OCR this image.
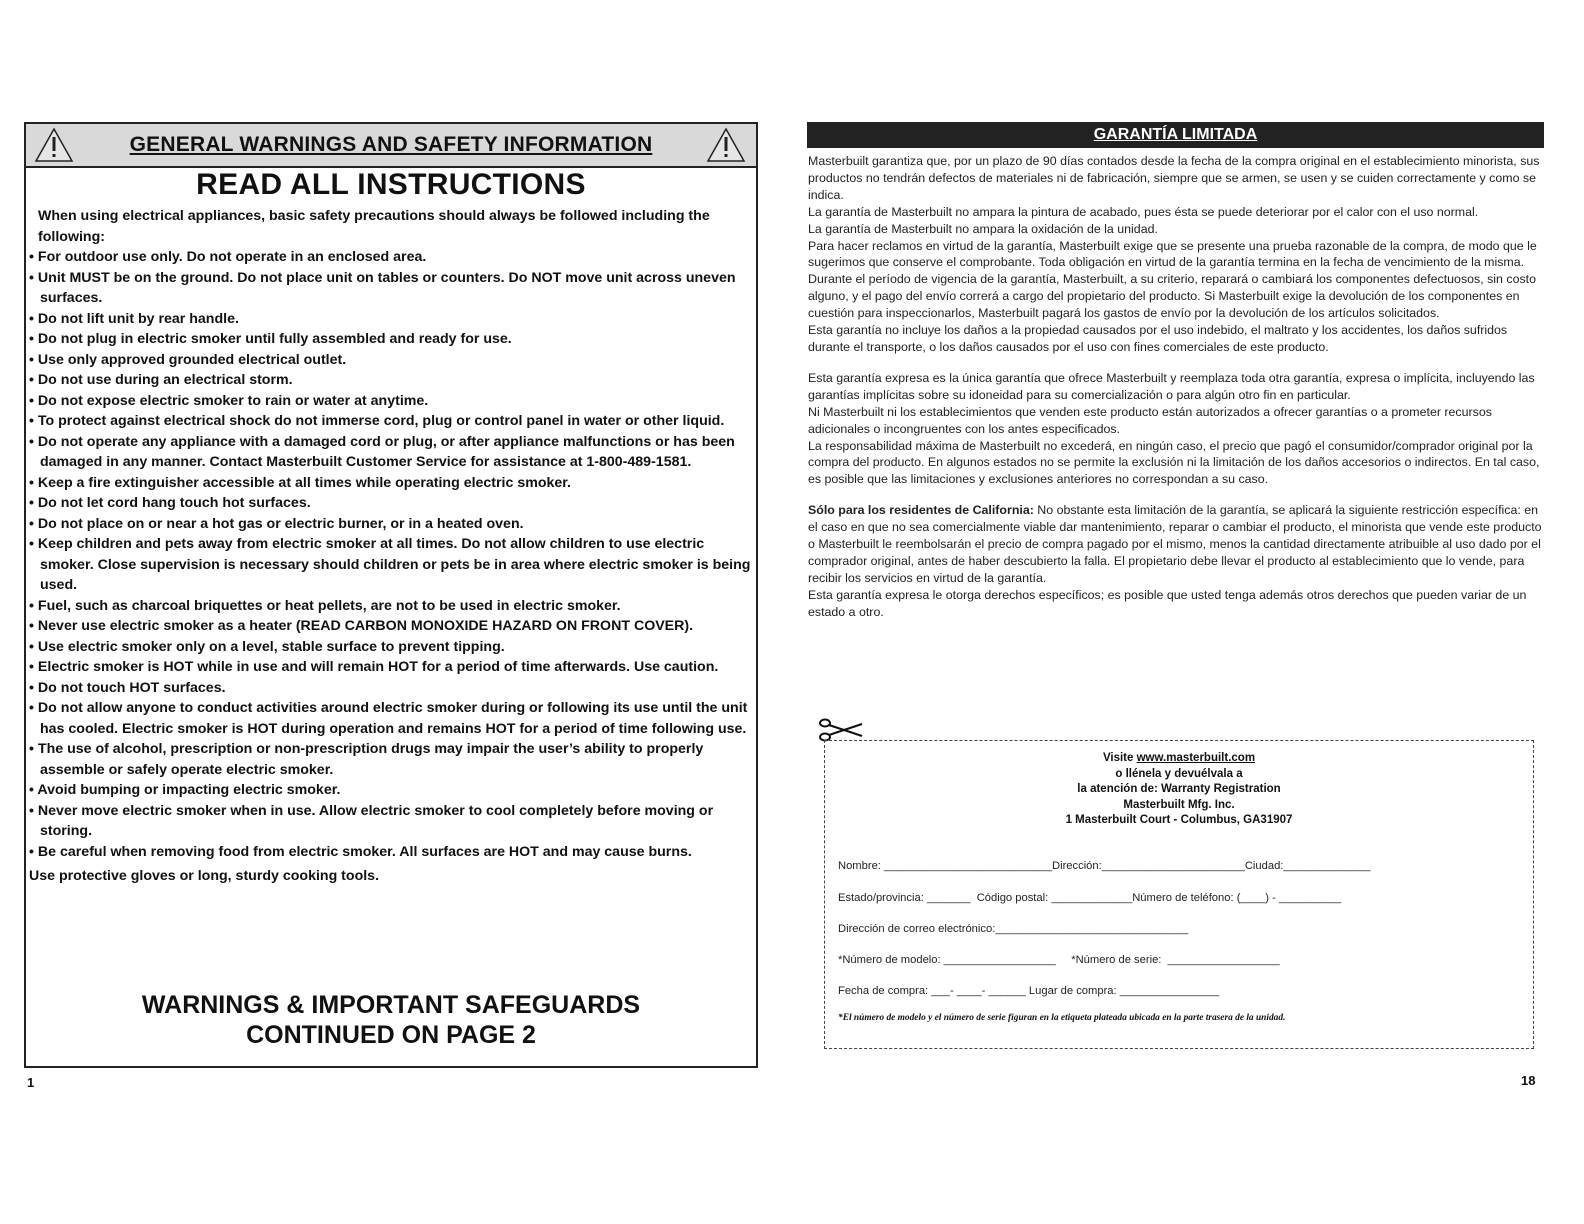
GENERAL WARNINGS AND SAFETY INFORMATION
READ ALL INSTRUCTIONS
When using electrical appliances, basic safety precautions should always be followed including the following:
• For outdoor use only. Do not operate in an enclosed area.
• Unit MUST be on the ground. Do not place unit on tables or counters. Do NOT move unit across uneven surfaces.
• Do not lift unit by rear handle.
• Do not plug in electric smoker until fully assembled and ready for use.
• Use only approved grounded electrical outlet.
• Do not use during an electrical storm.
• Do not expose electric smoker to rain or water at anytime.
• To protect against electrical shock do not immerse cord, plug or control panel in water or other liquid.
• Do not operate any appliance with a damaged cord or plug, or after appliance malfunctions or has been damaged in any manner. Contact Masterbuilt Customer Service for assistance at 1-800-489-1581.
• Keep a fire extinguisher accessible at all times while operating electric smoker.
• Do not let cord hang touch hot surfaces.
• Do not place on or near a hot gas or electric burner, or in a heated oven.
• Keep children and pets away from electric smoker at all times. Do not allow children to use electric smoker. Close supervision is necessary should children or pets be in area where electric smoker is being used.
• Fuel, such as charcoal briquettes or heat pellets, are not to be used in electric smoker.
• Never use electric smoker as a heater (READ CARBON MONOXIDE HAZARD ON FRONT COVER).
• Use electric smoker only on a level, stable surface to prevent tipping.
• Electric smoker is HOT while in use and will remain HOT for a period of time afterwards. Use caution.
• Do not touch HOT surfaces.
• Do not allow anyone to conduct activities around electric smoker during or following its use until the unit has cooled. Electric smoker is HOT during operation and remains HOT for a period of time following use.
• The use of alcohol, prescription or non-prescription drugs may impair the user’s ability to properly assemble or safely operate electric smoker.
• Avoid bumping or impacting electric smoker.
• Never move electric smoker when in use. Allow electric smoker to cool completely before moving or storing.
• Be careful when removing food from electric smoker. All surfaces are HOT and may cause burns.
Use protective gloves or long, sturdy cooking tools.
WARNINGS & IMPORTANT SAFEGUARDS
CONTINUED ON PAGE 2
1
GARANTÍA LIMITADA

Masterbuilt garantiza que, por un plazo de 90 días contados desde la fecha de la compra original en el establecimiento minorista, sus productos no tendrán defectos de materiales ni de fabricación, siempre que se armen, se usen y se cuiden correctamente y como se indica.

La garantía de Masterbuilt no ampara la pintura de acabado, pues ésta se puede deteriorar por el calor con el uso normal.

La garantía de Masterbuilt no ampara la oxidación de la unidad.

Para hacer reclamos en virtud de la garantía, Masterbuilt exige que se presente una prueba razonable de la compra, de modo que le sugerimos que conserve el comprobante. Toda obligación en virtud de la garantía termina en la fecha de vencimiento de la misma.

Durante el período de vigencia de la garantía, Masterbuilt, a su criterio, reparará o cambiará los componentes defectuosos, sin costo alguno, y el pago del envío correrá a cargo del propietario del producto. Si Masterbuilt exige la devolución de los componentes en cuestión para inspeccionarlos, Masterbuilt pagará los gastos de envío por la devolución de los artículos solicitados.

Esta garantía no incluye los daños a la propiedad causados por el uso indebido, el maltrato y los accidentes, los daños sufridos durante el transporte, o los daños causados por el uso con fines comerciales de este producto.

Esta garantía expresa es la única garantía que ofrece Masterbuilt y reemplaza toda otra garantía, expresa o implícita, incluyendo las garantías implícitas sobre su idoneidad para su comercialización o para algún otro fin en particular.

Ni Masterbuilt ni los establecimientos que venden este producto están autorizados a ofrecer garantías o a prometer recursos adicionales o incongruentes con los antes especificados.

La responsabilidad máxima de Masterbuilt no excederá, en ningún caso, el precio que pagó el consumidor/comprador original por la compra del producto. En algunos estados no se permite la exclusión ni la limitación de los daños accesorios o indirectos. En tal caso, es posible que las limitaciones y exclusiones anteriores no correspondan a su caso.

Sólo para los residentes de California: No obstante esta limitación de la garantía, se aplicará la siguiente restricción específica: en el caso en que no sea comercialmente viable dar mantenimiento, reparar o cambiar el producto, el minorista que vende este producto o Masterbuilt le reembolsarán el precio de compra pagado por el mismo, menos la cantidad directamente atribuible al uso dado por el comprador original, antes de haber descubierto la falla. El propietario debe llevar el producto al establecimiento que lo vende, para recibir los servicios en virtud de la garantía.

Esta garantía expresa le otorga derechos específicos; es posible que usted tenga además otros derechos que pueden variar de un estado a otro.

Visite www.masterbuilt.com
o llénela y devuélvala a
la atención de: Warranty Registration
Masterbuilt Mfg. Inc.
1 Masterbuilt Court - Columbus, GA31907
Nombre: ___________________________Dirección:_______________________Ciudad:______________
Estado/provincia: _______  Código postal: _____________Número de teléfono: (____) - __________
Dirección de correo electrónico:_______________________________
*Número de modelo: __________________     *Número de serie:  __________________
Fecha de compra: ___- ____- ______ Lugar de compra: ________________
*El número de modelo y el número de serie figuran en la etiqueta plateada ubicada en la parte trasera de la unidad.
18
